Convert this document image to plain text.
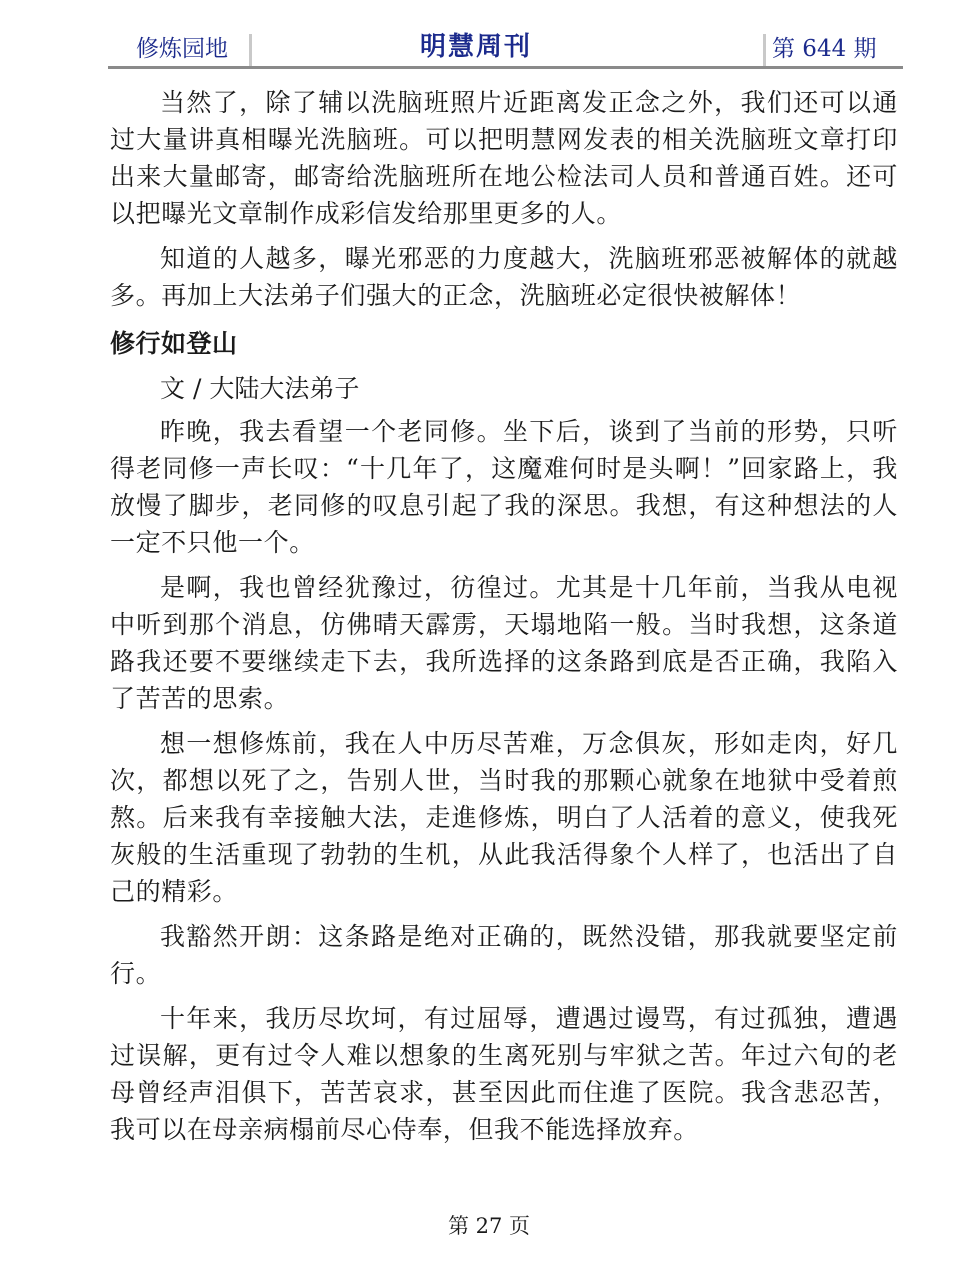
修炼园地	明慧周刊	第 644 期

当然了，除了辅以洗脑班照片近距离发正念之外，我们还可以通过大量讲真相曝光洗脑班。可以把明慧网发表的相关洗脑班文章打印出来大量邮寄，邮寄给洗脑班所在地公检法司人员和普通百姓。还可以把曝光文章制作成彩信发给那里更多的人。

知道的人越多，曝光邪恶的力度越大，洗脑班邪恶被解体的就越多。再加上大法弟子们强大的正念，洗脑班必定很快被解体！

修行如登山
文 / 大陆大法弟子

昨晚，我去看望一个老同修。坐下后，谈到了当前的形势，只听得老同修一声长叹：“十几年了，这魔难何时是头啊！”回家路上，我放慢了脚步，老同修的叹息引起了我的深思。我想，有这种想法的人一定不只他一个。

是啊，我也曾经犹豫过，彷徨过。尤其是十几年前，当我从电视中听到那个消息，仿佛晴天霹雳，天塌地陷一般。当时我想，这条道路我还要不要继续走下去，我所选择的这条路到底是否正确，我陷入了苦苦的思索。

想一想修炼前，我在人中历尽苦难，万念俱灰，形如走肉，好几次，都想以死了之，告别人世，当时我的那颗心就象在地狱中受着煎熬。后来我有幸接触大法，走進修炼，明白了人活着的意义，使我死灰般的生活重现了勃勃的生机，从此我活得象个人样了，也活出了自己的精彩。

我豁然开朗：这条路是绝对正确的，既然没错，那我就要坚定前行。

十年来，我历尽坎坷，有过屈辱，遭遇过谩骂，有过孤独，遭遇过误解，更有过令人难以想象的生离死别与牢狱之苦。年过六旬的老母曾经声泪俱下，苦苦哀求，甚至因此而住進了医院。我含悲忍苦，我可以在母亲病榻前尽心侍奉，但我不能选择放弃。

第 27 页
